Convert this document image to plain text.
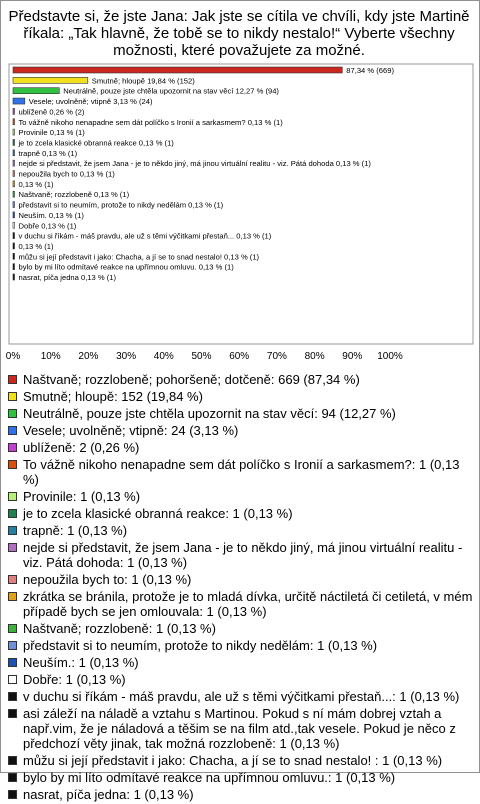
Představte si, že jste Jana: Jak jste se cítila ve chvíli, kdy jste Martině říkala: „Tak hlavně, že tobě se to nikdy nestalo!“ Vyberte všechny možnosti, které považujete za možné.
87,34 % (669)
Smutně; hloupě 19,84 % (152)
Neutrálně, pouze jste chtěla upozornit na stav věcí 12,27 % (94)
Vesele; uvolněně; vtipně 3,13 % (24)
ublíženě 0,26 % (2)
To vážně nikoho nenapadne sem dát políčko s Ironií a sarkasmem? 0,13 % (1)
Provinile 0,13 % (1)
je to zcela klasické obranná reakce 0,13 % (1)
trapně 0,13 % (1)
nejde si představit, že jsem Jana - je to někdo jiný, má jinou virtuální realitu - viz. Pátá dohoda 0,13 % (1)
nepoužila bych to 0,13 % (1)
0,13 % (1)
Naštvaně; rozzlobeně 0,13 % (1)
představit si to neumím, protože to nikdy nedělám 0,13 % (1)
Neuším. 0,13 % (1)
Dobře 0,13 % (1)
v duchu si říkám - máš pravdu, ale už s těmi výčitkami přestaň... 0,13 % (1)
0,13 % (1)
můžu si její představit i jako: Chacha, a jí se to snad nestalo! 0,13 % (1)
bylo by mi líto odmítavé reakce na upřímnou omluvu. 0,13 % (1)
nasrat, píča jedna 0,13 % (1)
0% 10% 20% 30% 40% 50% 60% 70% 80% 90% 100%
Naštvaně; rozzlobeně; pohoršeně; dotčeně: 669 (87,34 %)
Smutně; hloupě: 152 (19,84 %)
Neutrálně, pouze jste chtěla upozornit na stav věcí: 94 (12,27 %)
Vesele; uvolněně; vtipně: 24 (3,13 %)
ublíženě: 2 (0,26 %)
To vážně nikoho nenapadne sem dát políčko s Ironií a sarkasmem?: 1 (0,13 %)
Provinile: 1 (0,13 %)
je to zcela klasické obranná reakce: 1 (0,13 %)
trapně: 1 (0,13 %)
nejde si představit, že jsem Jana - je to někdo jiný, má jinou virtuální realitu - viz. Pátá dohoda: 1 (0,13 %)
nepoužila bych to: 1 (0,13 %)
zkrátka se bránila, protože je to mladá dívka, určitě náctiletá či cetiletá, v mém případě bych se jen omlouvala: 1 (0,13 %)
Naštvaně; rozzlobeně: 1 (0,13 %)
představit si to neumím, protože to nikdy nedělám: 1 (0,13 %)
Neuším.: 1 (0,13 %)
Dobře: 1 (0,13 %)
v duchu si říkám - máš pravdu, ale už s těmi výčitkami přestaň...: 1 (0,13 %)
asi záleží na náladě a vztahu s Martinou. Pokud s ní mám dobrej vztah a např.vim, že je náladová a těšim se na film atd.,tak vesele. Pokud je něco z předchozí věty jinak, tak možná rozzlobeně: 1 (0,13 %)
můžu si její představit i jako: Chacha, a jí se to snad nestalo! : 1 (0,13 %)
bylo by mi líto odmítavé reakce na upřímnou omluvu.: 1 (0,13 %)
nasrat, píča jedna: 1 (0,13 %)
